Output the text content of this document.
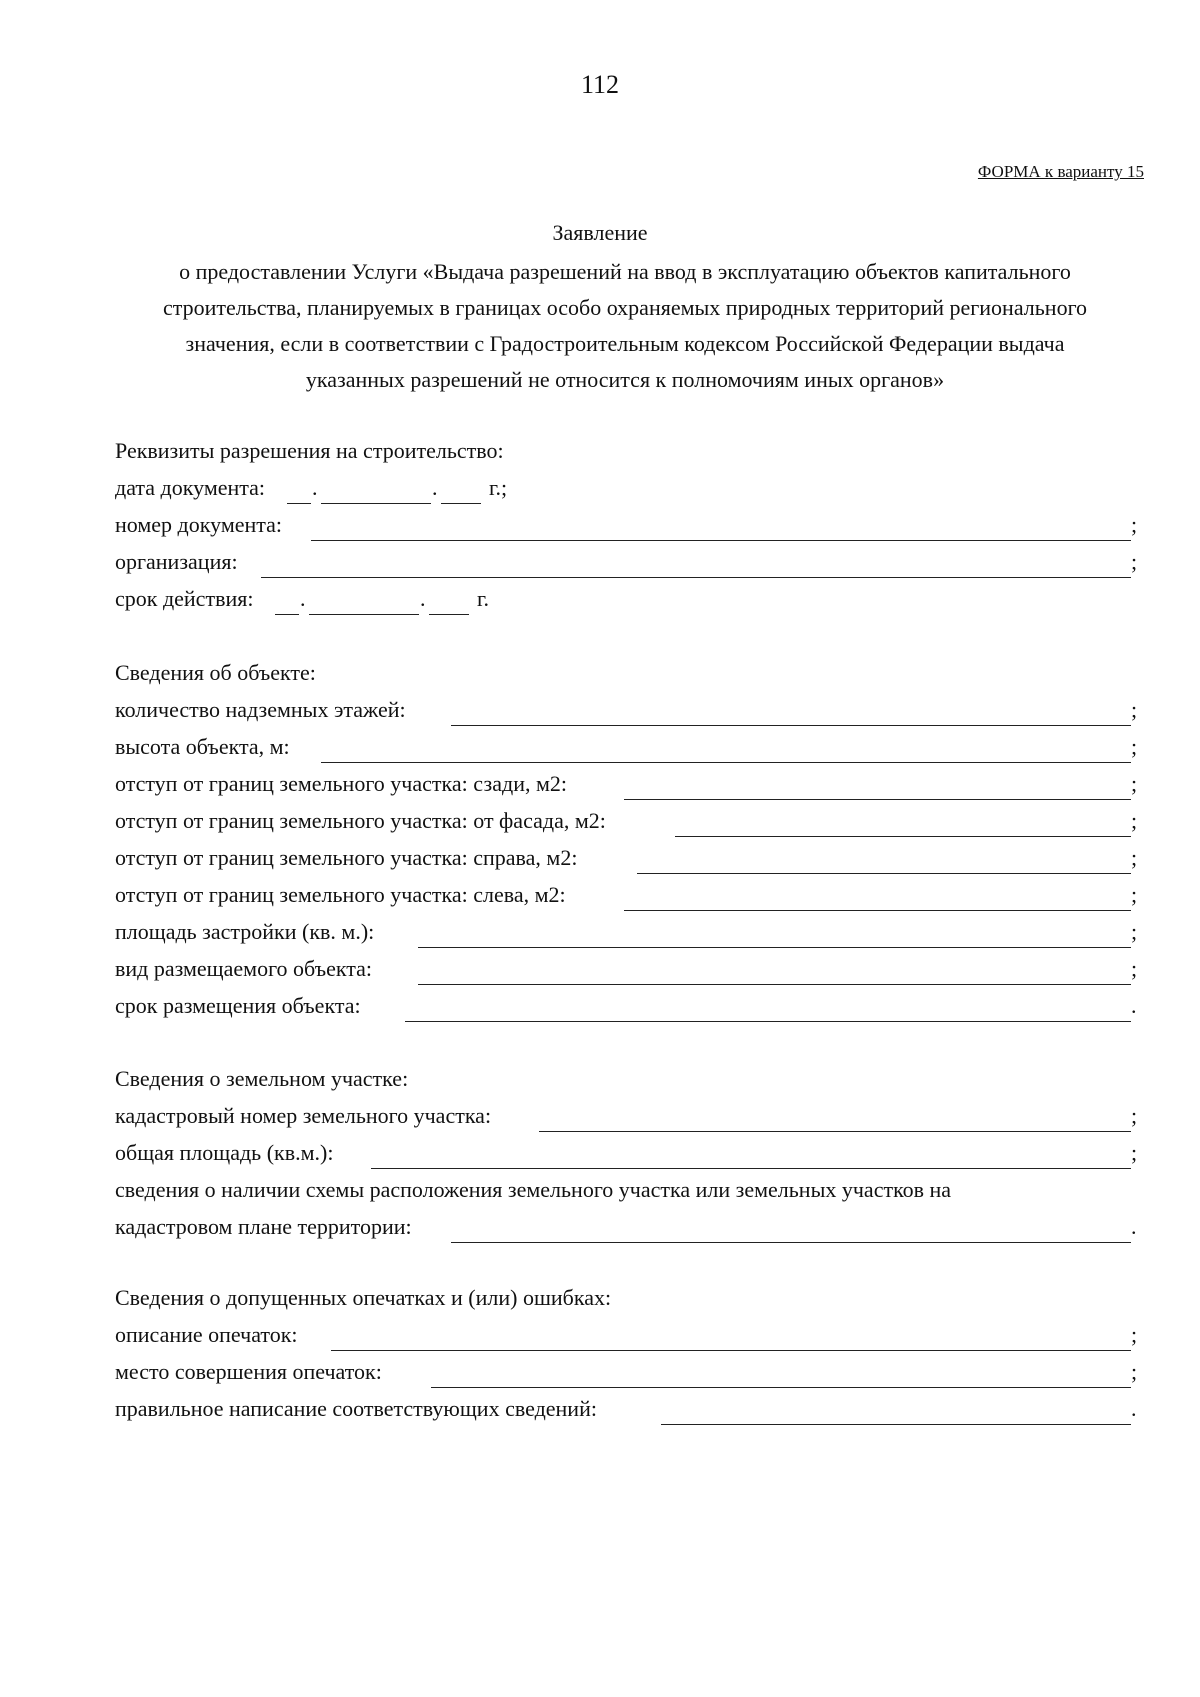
112
ФОРМА к варианту 15
Заявление
о предоставлении Услуги «Выдача разрешений на ввод в эксплуатацию объектов капитального
строительства, планируемых в границах особо охраняемых природных территорий регионального
значения, если в соответствии с Градостроительным кодексом Российской Федерации выдача
указанных разрешений не относится к полномочиям иных органов»
Реквизиты разрешения на строительство:
дата документа: .	. г.;
номер документа:	;
организация:	;
срок действия: .	. г.
Сведения об объекте:
количество надземных этажей:	;
высота объекта, м:	;
отступ от границ земельного участка: сзади, м2:	;
отступ от границ земельного участка: от фасада, м2:	;
отступ от границ земельного участка: справа, м2:	;
отступ от границ земельного участка: слева, м2:	;
площадь застройки (кв. м.):	;
вид размещаемого объекта:	;
срок размещения объекта:	.
Сведения о земельном участке:
кадастровый номер земельного участка:	;
общая площадь (кв.м.):	;
сведения о наличии схемы расположения земельного участка или земельных участков на
кадастровом плане территории:	.
Сведения о допущенных опечатках и (или) ошибках:
описание опечаток:	;
место совершения опечаток:	;
правильное написание соответствующих сведений:	.
